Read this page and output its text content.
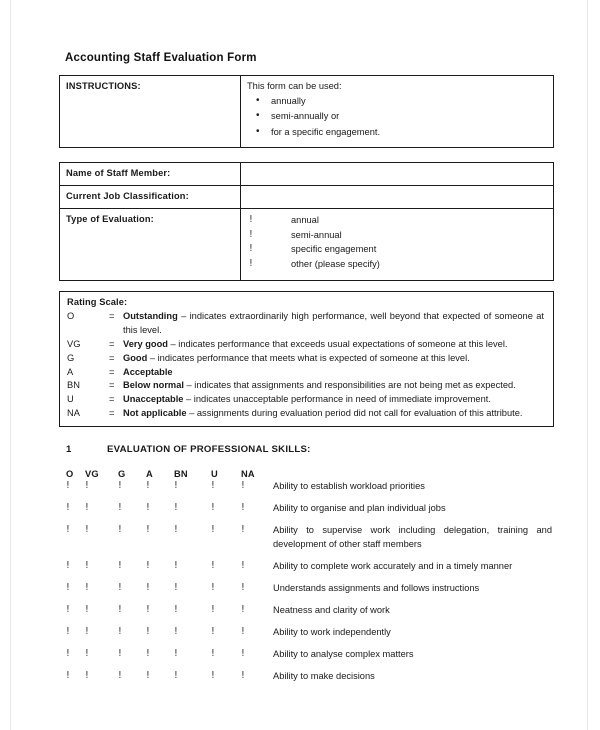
Accounting Staff Evaluation Form
INSTRUCTIONS:	This form can be used:

• annually
• semi-annually or
• for a specific engagement.
Name of Staff Member:	
Current Job Classification:	
Type of Evaluation:	!	annual
!	semi-annual
!	specific engagement
!	other (please specify)
Rating Scale:
O	= Outstanding – indicates extraordinarily high performance, well beyond that expected of someone at this level.
VG	= Very good – indicates performance that exceeds usual expectations of someone at this level.
G	= Good – indicates performance that meets what is expected of someone at this level.
A	= Acceptable
BN	= Below normal – indicates that assignments and responsibilities are not being met as expected.
U	= Unacceptable – indicates unacceptable performance in need of immediate improvement.
NA	= Not applicable – assignments during evaluation period did not call for evaluation of this attribute.
1	EVALUATION OF PROFESSIONAL SKILLS:
O	VG	G	A	BN	U	NA
!	!	!	!	!	!	!	Ability to establish workload priorities
!	!	!	!	!	!	!	Ability to organise and plan individual jobs
!	!	!	!	!	!	!	Ability to supervise work including delegation, training and development of other staff members
!	!	!	!	!	!	!	Ability to complete work accurately and in a timely manner
!	!	!	!	!	!	!	Understands assignments and follows instructions
!	!	!	!	!	!	!	Neatness and clarity of work
!	!	!	!	!	!	!	Ability to work independently
!	!	!	!	!	!	!	Ability to analyse complex matters
!	!	!	!	!	!	!	Ability to make decisions
